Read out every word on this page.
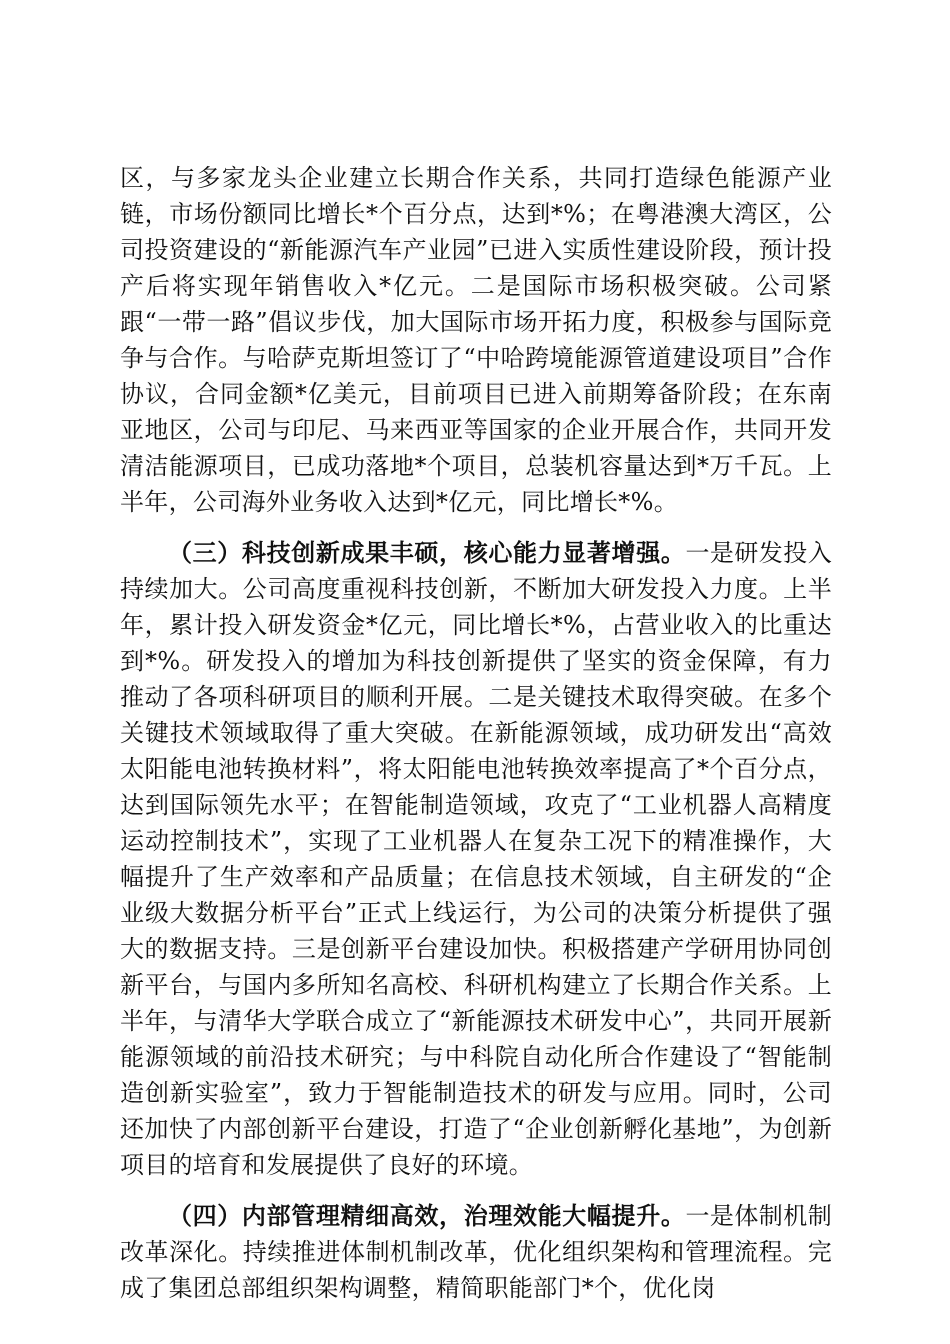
区，与多家龙头企业建立长期合作关系，共同打造绿色能源产业链，市场份额同比增长*个百分点，达到*%；在粤港澳大湾区，公司投资建设的“新能源汽车产业园”已进入实质性建设阶段，预计投产后将实现年销售收入*亿元。二是国际市场积极突破。公司紧跟“一带一路”倡议步伐，加大国际市场开拓力度，积极参与国际竞争与合作。与哈萨克斯坦签订了“中哈跨境能源管道建设项目”合作协议，合同金额*亿美元，目前项目已进入前期筹备阶段；在东南亚地区，公司与印尼、马来西亚等国家的企业开展合作，共同开发清洁能源项目，已成功落地*个项目，总装机容量达到*万千瓦。上半年，公司海外业务收入达到*亿元，同比增长*%。

（三）科技创新成果丰硕，核心能力显著增强。一是研发投入持续加大。公司高度重视科技创新，不断加大研发投入力度。上半年，累计投入研发资金*亿元，同比增长*%，占营业收入的比重达到*%。研发投入的增加为科技创新提供了坚实的资金保障，有力推动了各项科研项目的顺利开展。二是关键技术取得突破。在多个关键技术领域取得了重大突破。在新能源领域，成功研发出“高效太阳能电池转换材料”，将太阳能电池转换效率提高了*个百分点，达到国际领先水平；在智能制造领域，攻克了“工业机器人高精度运动控制技术”，实现了工业机器人在复杂工况下的精准操作，大幅提升了生产效率和产品质量；在信息技术领域，自主研发的“企业级大数据分析平台”正式上线运行，为公司的决策分析提供了强大的数据支持。三是创新平台建设加快。积极搭建产学研用协同创新平台，与国内多所知名高校、科研机构建立了长期合作关系。上半年，与清华大学联合成立了“新能源技术研发中心”，共同开展新能源领域的前沿技术研究；与中科院自动化所合作建设了“智能制造创新实验室”，致力于智能制造技术的研发与应用。同时，公司还加快了内部创新平台建设，打造了“企业创新孵化基地”，为创新项目的培育和发展提供了良好的环境。

（四）内部管理精细高效，治理效能大幅提升。一是体制机制改革深化。持续推进体制机制改革，优化组织架构和管理流程。完成了集团总部组织架构调整，精简职能部门*个，优化岗
